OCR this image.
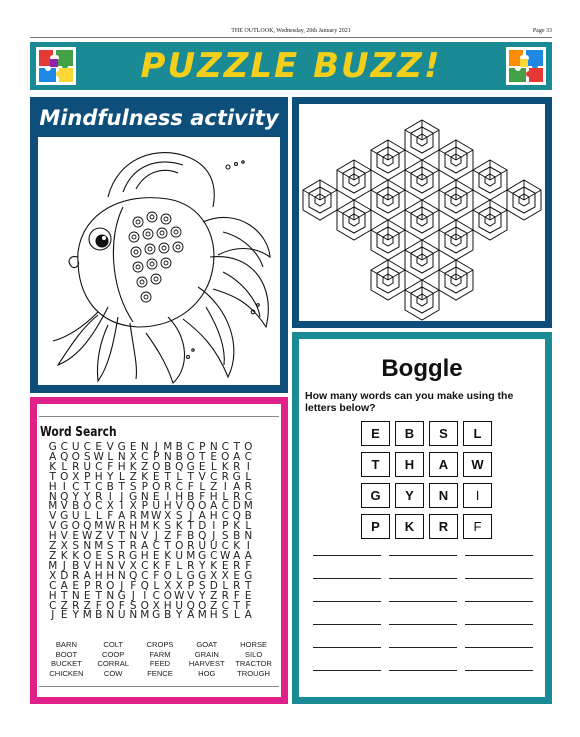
THE OUTLOOK, Wednesday, 20th January 2021	Page 33
PUZZLE BUZZ!
Mindfulness activity
Boggle
How many words can you make using the letters below?
E	B	S	L
T	H	A	W
G	Y	N	I
P	K	R	F
Word Search
G C U C E V G E N J M B C P N C T O
A Q O S W L N X C P N B O T E O A C
K L R U C F H K Z O B Q G E L K R I
T O X P H Y L Z K E T L T V C R G L
H I C T C B T S P O R C F L Z I A R
N Q Y Y R I J G N E I H B F H L R C
M V B O C X I X P U H V Q O A C D M
V G U L L F A R M W X S J A H C Q B
V G O Q M W R H M K S K T D I P K L
H V E W Z V T N V J Z F B Q J S B N
Z X S N M S T R A C T O R U U C K I
Z K K O E S R G H E K U M G C W A A
M J B V H N V X C K F L R Y K E R F
X D R A H H N Q C F O L G G X X E G
C A E P R O J F Q L X X P S D L R T
H T N E T N G J I C O W V Y Z R F E
C Z R Z F O F S O X H U Q O Z C T F
J E Y M B N U N M G B Y A M H S L A
BARN	COLT	CROPS	GOAT	HORSE
BOOT	COOP	FARM	GRAIN	SILO
BUCKET	CORRAL	FEED	HARVEST	TRACTOR
CHICKEN	COW	FENCE	HOG	TROUGH
